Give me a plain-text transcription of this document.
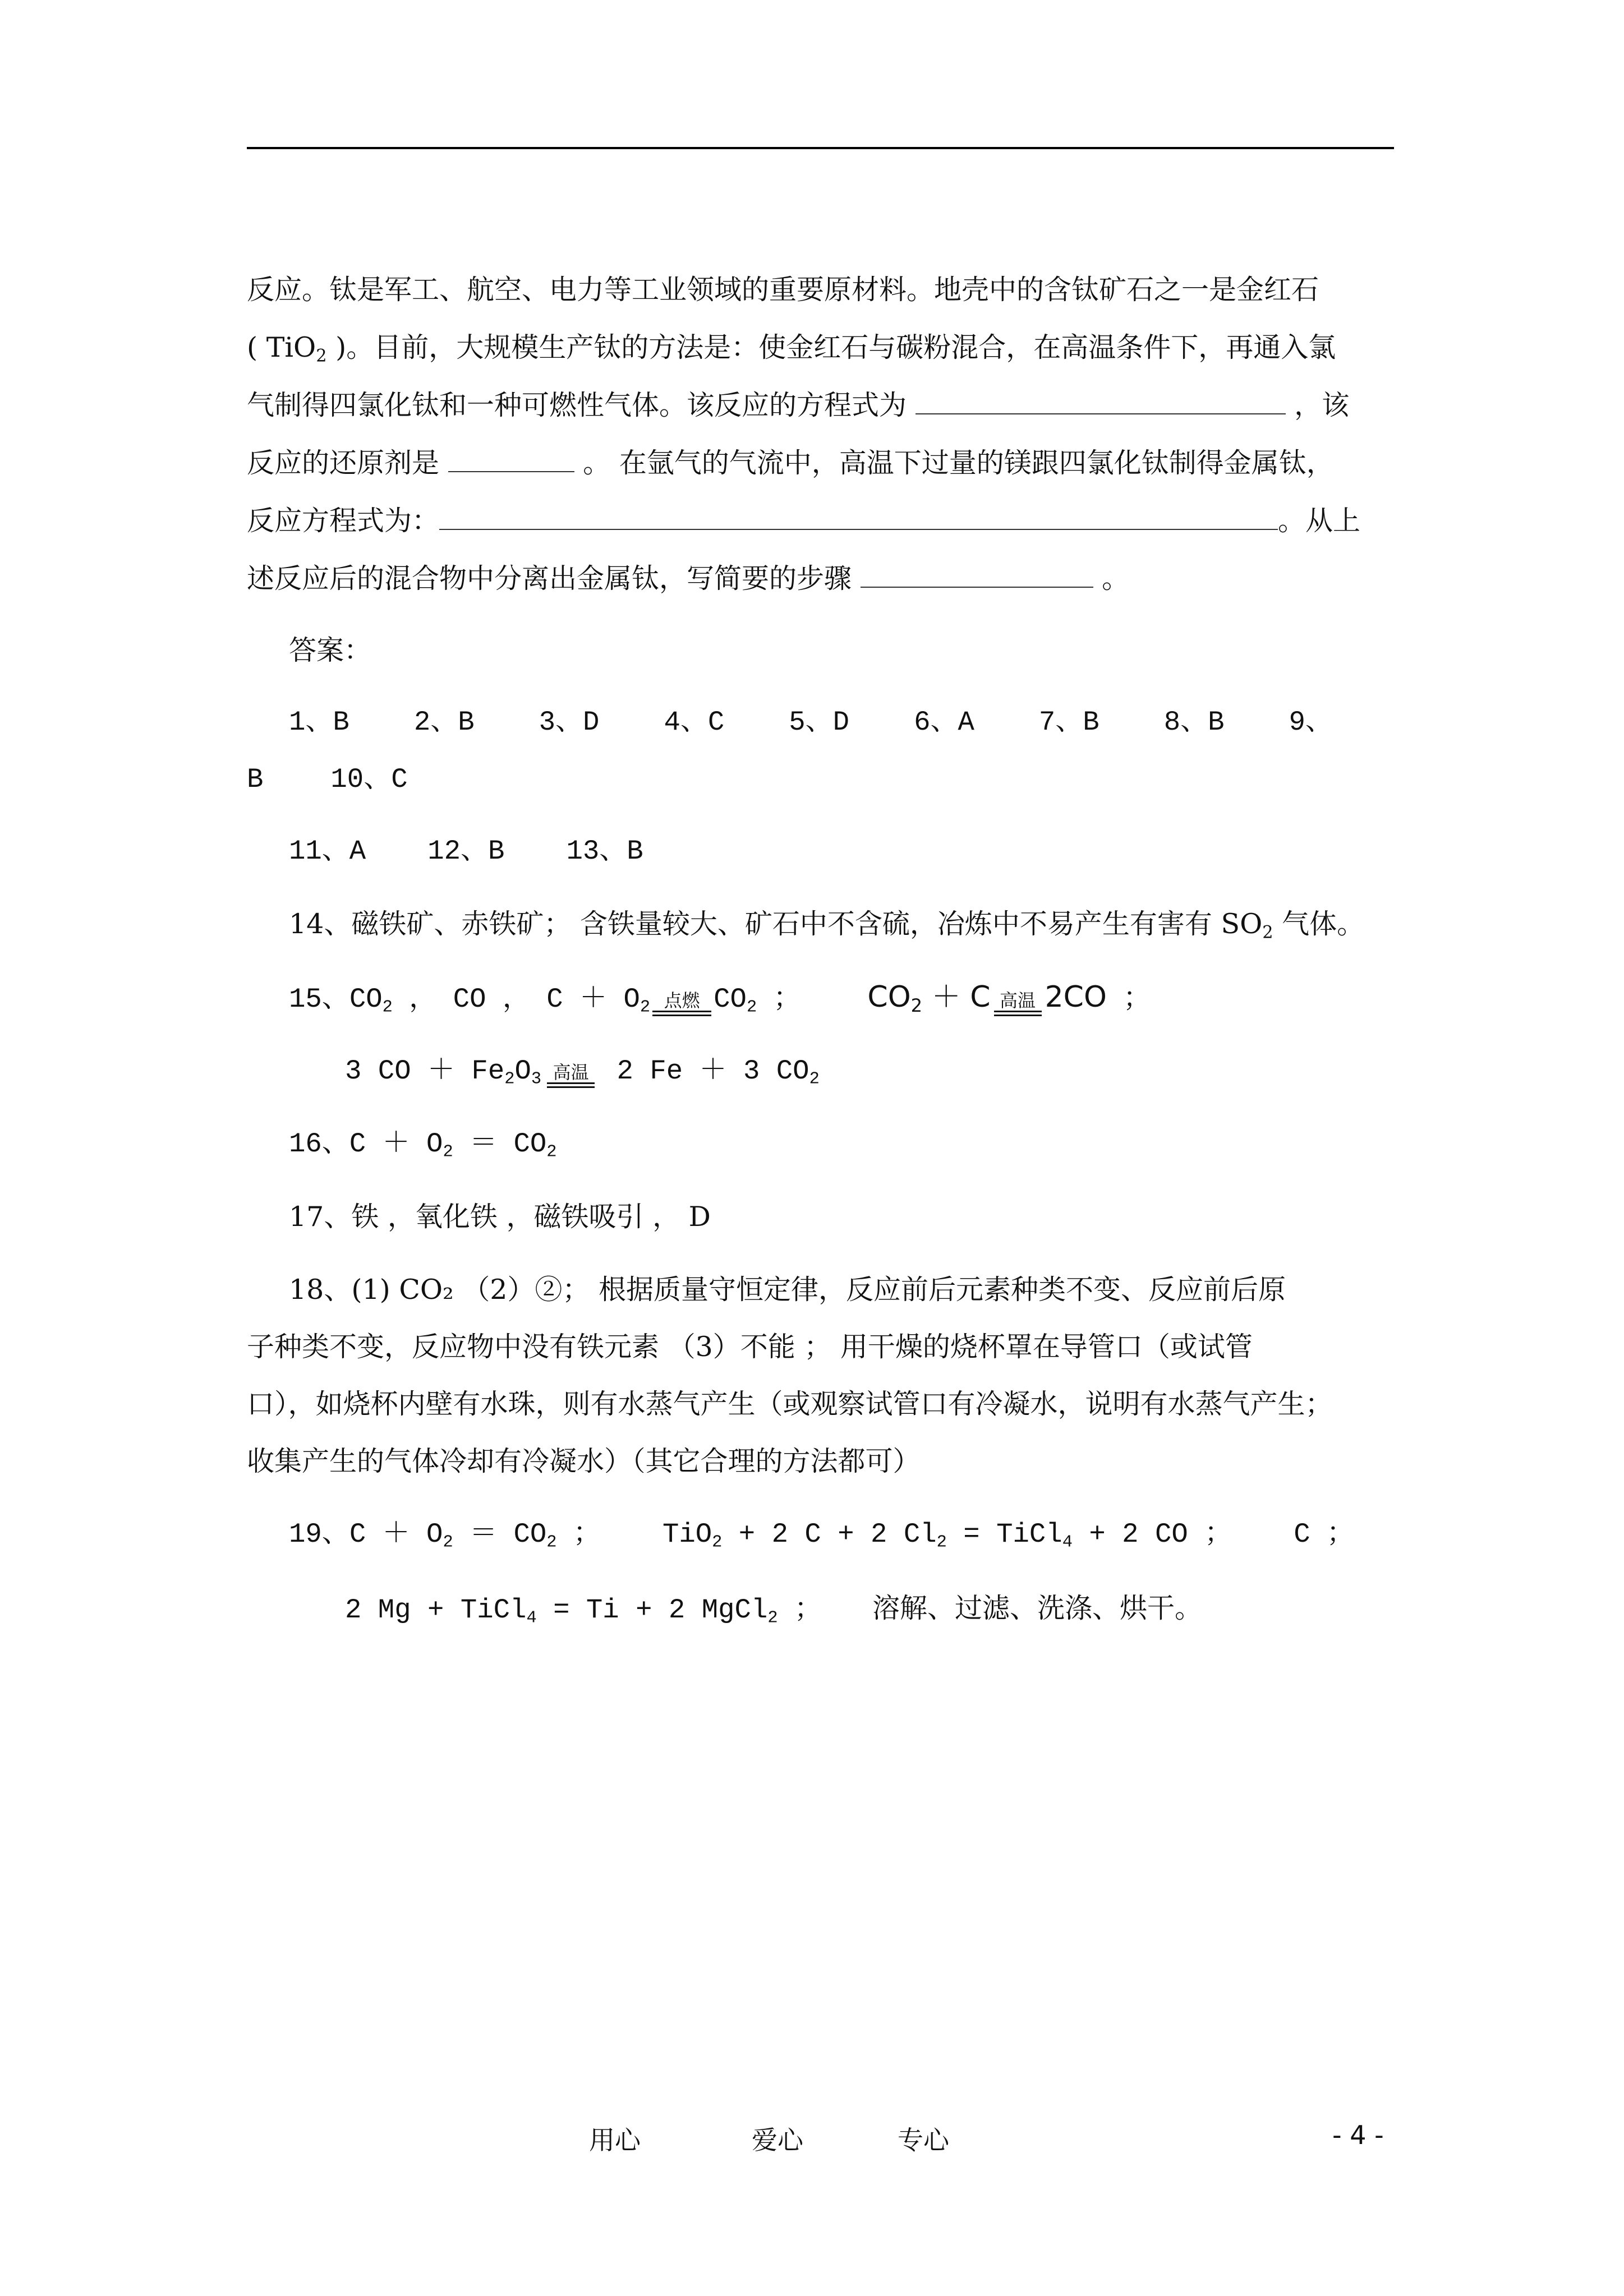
反应。钛是军工、航空、电力等工业领域的重要原材料。地壳中的含钛矿石之一是金红石
( TiO$_2$ )。目前，大规模生产钛的方法是：使金红石与碳粉混合，在高温条件下，再通入氯
气制得四氯化钛和一种可燃性气体。该反应的方程式为	，该
反应的还原剂是	。 在氩气的气流中，高温下过量的镁跟四氯化钛制得金属钛，
反应方程式为：	。从上
述反应后的混合物中分离出金属钛，写简要的步骤	。
答案：
1、B 2、B 3、D 4、C 5、D 6、A 7、B 8、B 9、
B 10、C
11、A 12、B 13、B
14、磁铁矿、赤铁矿； 含铁量较大、矿石中不含硫，冶炼中不易产生有害有 $SO_2$ 气体。
15、$CO_2$ ， CO ， $C + O_2$ 点燃 $CO_2$ ；  $CO_2 + C$ 高温 2CO ；
3 CO ＋ $Fe_2O_3$ 高温 2 Fe ＋ 3 $CO_2$
16、$C + O_2 = CO_2$
17、铁 ，氧化铁 ，磁铁吸引 ， D
18、(1) CO₂ （2）②； 根据质量守恒定律，反应前后元素种类不变、反应前后原
子种类不变，反应物中没有铁元素 （3）不能 ； 用干燥的烧杯罩在导管口（或试管
口），如烧杯内壁有水珠，则有水蒸气产生（或观察试管口有冷凝水，说明有水蒸气产生；
收集产生的气体冷却有冷凝水）（其它合理的方法都可）
19、$C + O_2 = CO_2$ ； TiO$_2$ + 2 C + 2 $Cl_2$ = TiCl$_4$ + 2 CO ； C ；
2 Mg + TiCl$_4$ = Ti + 2 MgCl$_2$ ； 溶解、过滤、洗涤、烘干。
用心	爱心	专心	- 4 -
